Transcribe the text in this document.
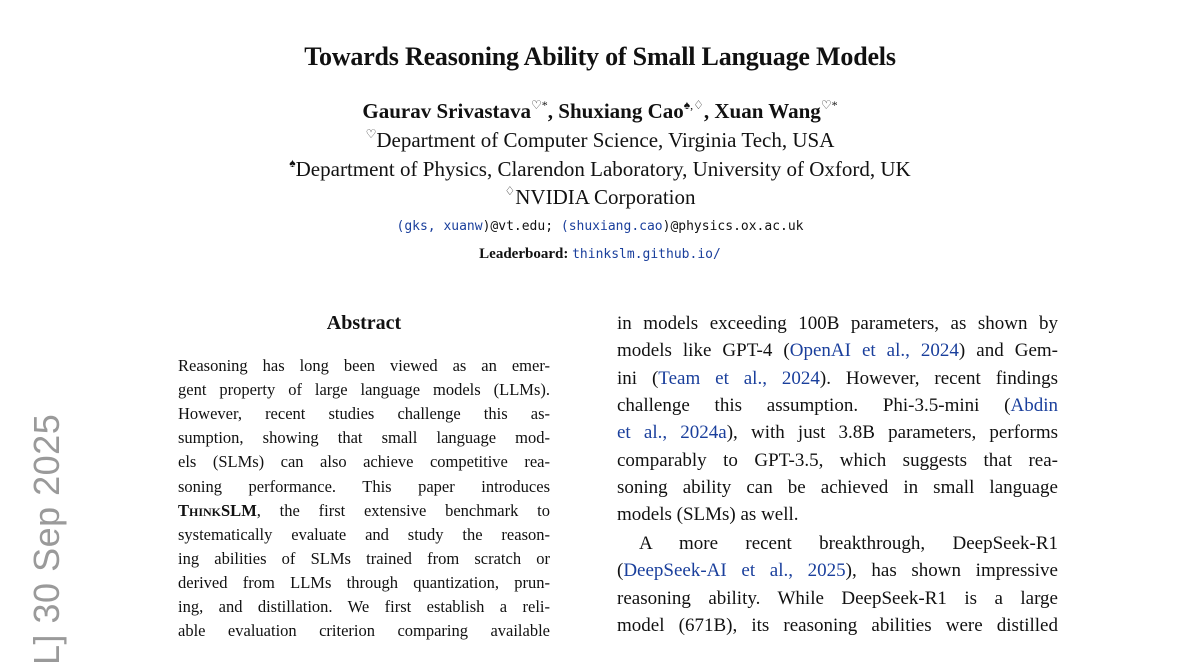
Towards Reasoning Ability of Small Language Models
Gaurav Srivastava♡*, Shuxiang Cao♠,♢, Xuan Wang♡*
♡Department of Computer Science, Virginia Tech, USA
♠Department of Physics, Clarendon Laboratory, University of Oxford, UK
♢NVIDIA Corporation
(gks, xuanw)@vt.edu; (shuxiang.cao)@physics.ox.ac.uk
Leaderboard: thinkslm.github.io/
L] 30 Sep 2025
Abstract
Reasoning has long been viewed as an emer-
gent property of large language models (LLMs).
However, recent studies challenge this as-
sumption, showing that small language mod-
els (SLMs) can also achieve competitive rea-
soning performance. This paper introduces
ThinkSLM, the first extensive benchmark to
systematically evaluate and study the reason-
ing abilities of SLMs trained from scratch or
derived from LLMs through quantization, prun-
ing, and distillation. We first establish a reli-
able evaluation criterion comparing available
in models exceeding 100B parameters, as shown by
models like GPT-4 (OpenAI et al., 2024) and Gem-
ini (Team et al., 2024). However, recent findings
challenge this assumption. Phi-3.5-mini (Abdin
et al., 2024a), with just 3.8B parameters, performs
comparably to GPT-3.5, which suggests that rea-
soning ability can be achieved in small language
models (SLMs) as well.
A more recent breakthrough, DeepSeek-R1
(DeepSeek-AI et al., 2025), has shown impressive
reasoning ability. While DeepSeek-R1 is a large
model (671B), its reasoning abilities were distilled
